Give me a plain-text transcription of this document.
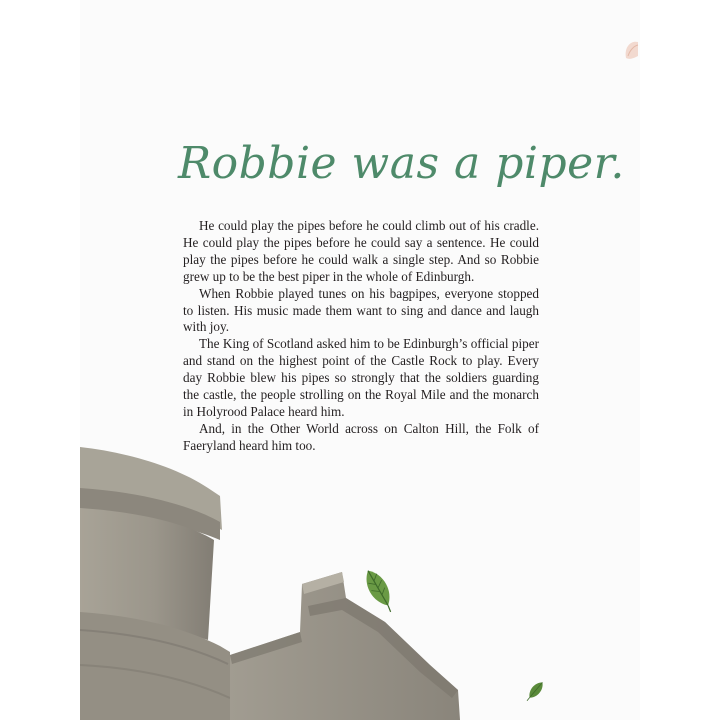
Robbie was a piper.

He could play the pipes before he could climb out of his cradle. He could play the pipes before he could say a sentence. He could play the pipes before he could walk a single step. And so Robbie grew up to be the best piper in the whole of Edinburgh.

When Robbie played tunes on his bagpipes, everyone stopped to listen. His music made them want to sing and dance and laugh with joy.

The King of Scotland asked him to be Edinburgh’s official piper and stand on the highest point of the Castle Rock to play. Every day Robbie blew his pipes so strongly that the soldiers guarding the castle, the people strolling on the Royal Mile and the monarch in Holyrood Palace heard him.

And, in the Other World across on Calton Hill, the Folk of Faeryland heard him too.
